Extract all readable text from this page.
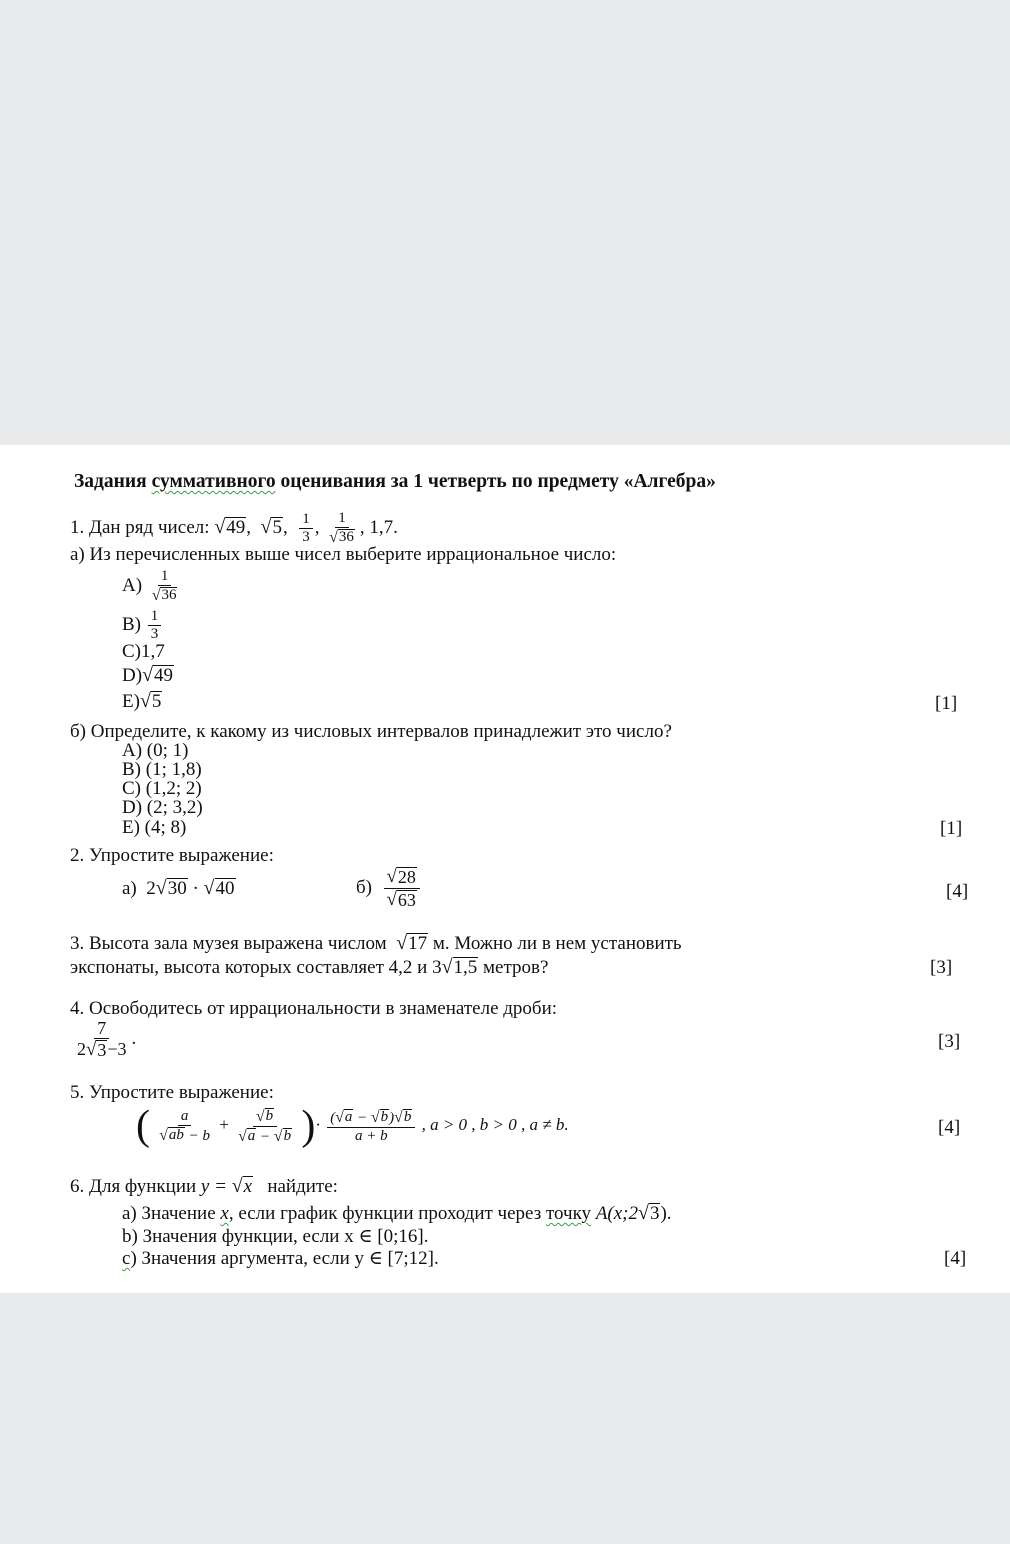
Задания суммативного оценивания за 1 четверть по предмету «Алгебра»
1. Дан ряд чисел: √ 49 , √ 5 , $\frac{1}{3}$ , $\frac{1}{√ 36}$ , 1,7.
а) Из перечисленных выше чисел выберите иррациональное число:
$A) \frac{1}{√ 36}$
$B) \frac{1}{3}$
C)1,7
D) √ 49
E) √ 5	[1]
б) Определите, к какому из числовых интервалов принадлежит это число?
A) (0; 1)
B) (1; 1,8)
C) (1,2; 2)
D) (2; 3,2)
E) (4; 8)	[1]
2. Упростите выражение:
а) 2 √ 30 · √ 40	$б) \frac{√ 28}{√ 63}$	[4]
3. Высота зала музея выражена числом √ 17 м. Можно ли в нем установить
экспонаты, высота которых составляет 4,2 и 3 √ 1,5 метров?	[3]
4. Освободитесь от иррациональности в знаменателе дроби:
$\frac{7}{2 √ 3 -3}$ .	[3]
5. Упростите выражение:
( $\frac{a}{√ ab - b} + \frac{√ b}{√ a - √ b}$ )· $\frac{( √ a - √ b ) √ b}{a + b}$ , a > 0 , b > 0 , a ≠ b.	[4]
6. Для функции y = √ x найдите:
a) Значение x, если график функции проходит через точку A(x;2 √ 3 ).
b) Значения функции, если x ∈ [0;16].
c) Значения аргумента, если y ∈ [7;12].	[4]
